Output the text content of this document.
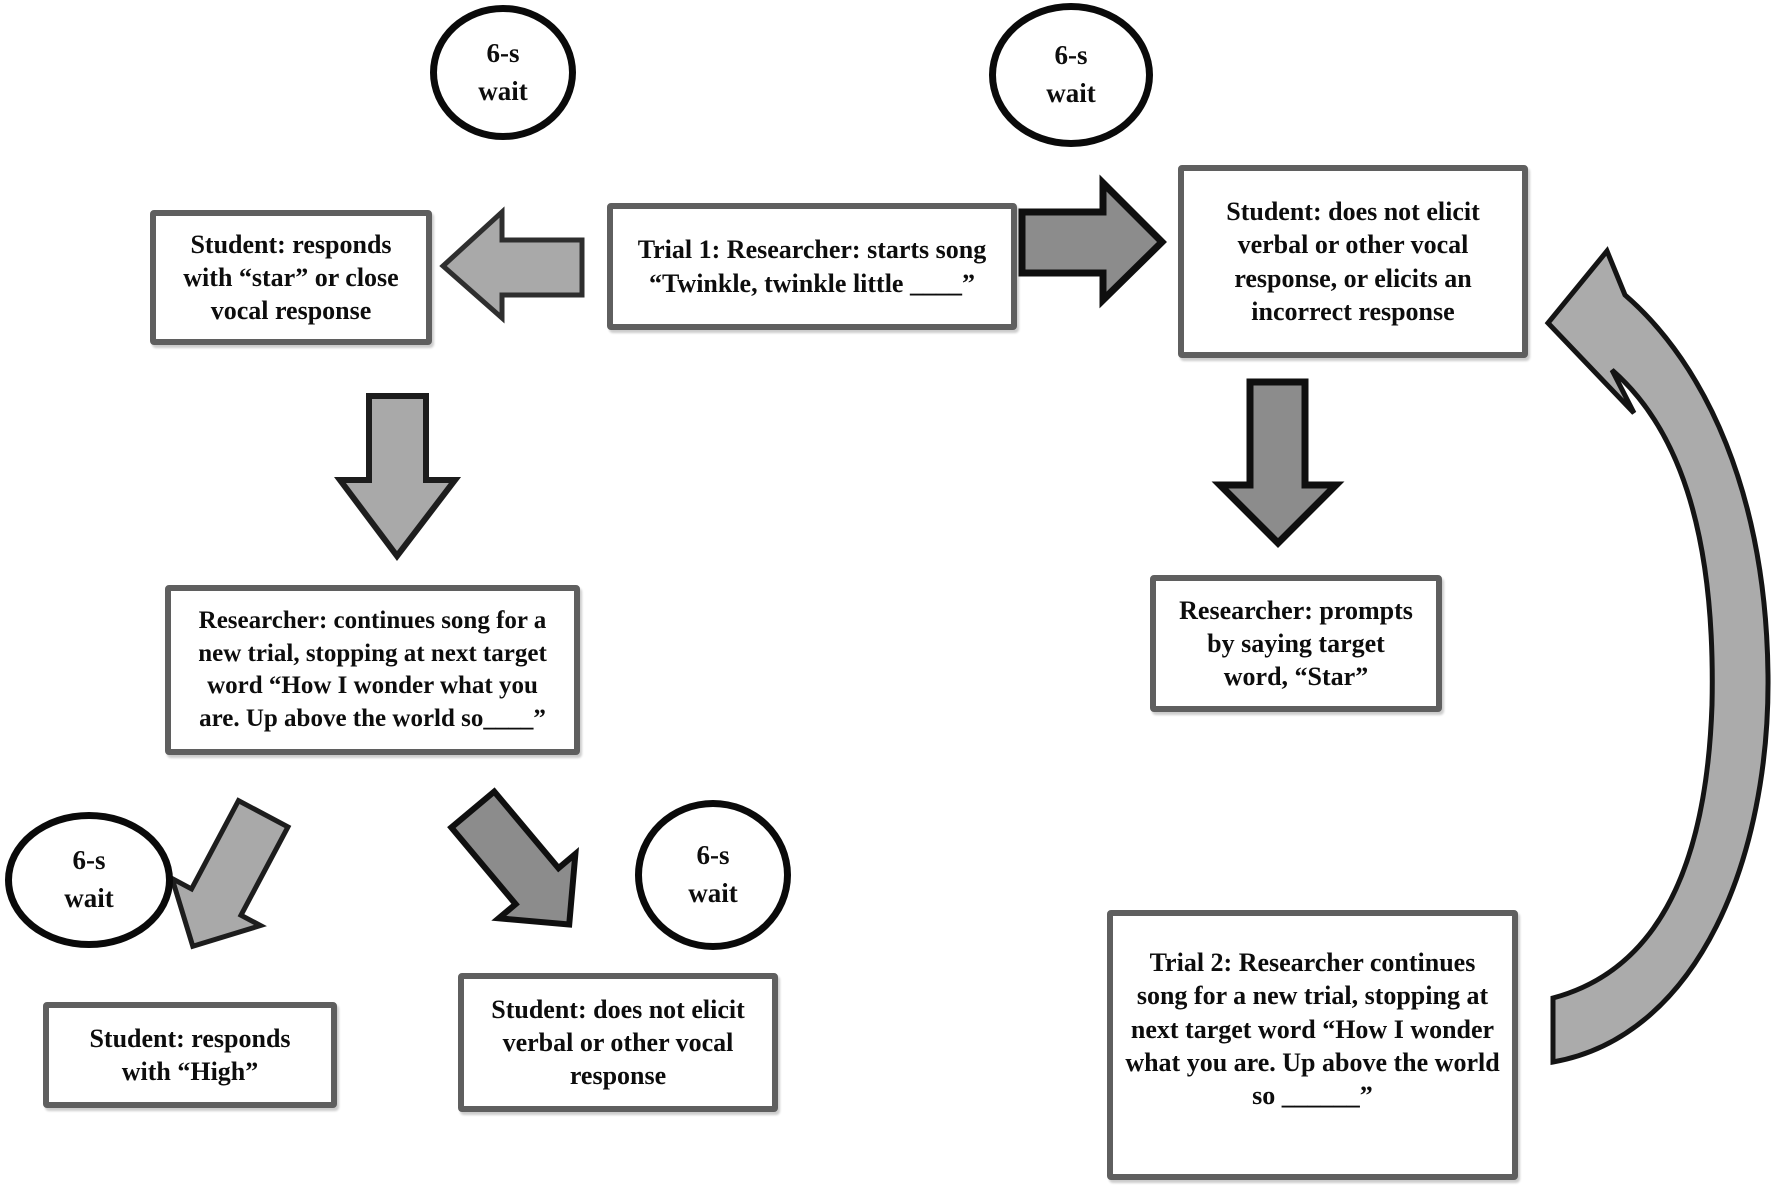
6-s
wait
6-s
wait
6-s
wait
6-s
wait
Trial 1: Researcher: starts song
“Twinkle, twinkle little ____”
Student: responds
with “star” or close
vocal response
Student: does not elicit
verbal or other vocal
response, or elicits an
incorrect response
Researcher: continues song for a
new trial, stopping at next target
word “How I wonder what you
are. Up above the world so____”
Researcher: prompts
by saying target
word, “Star”
Student: responds
with “High”
Student: does not elicit
verbal or other vocal
response
Trial 2: Researcher continues
song for a new trial, stopping at
next target word “How I wonder
what you are. Up above the world
so ______”
